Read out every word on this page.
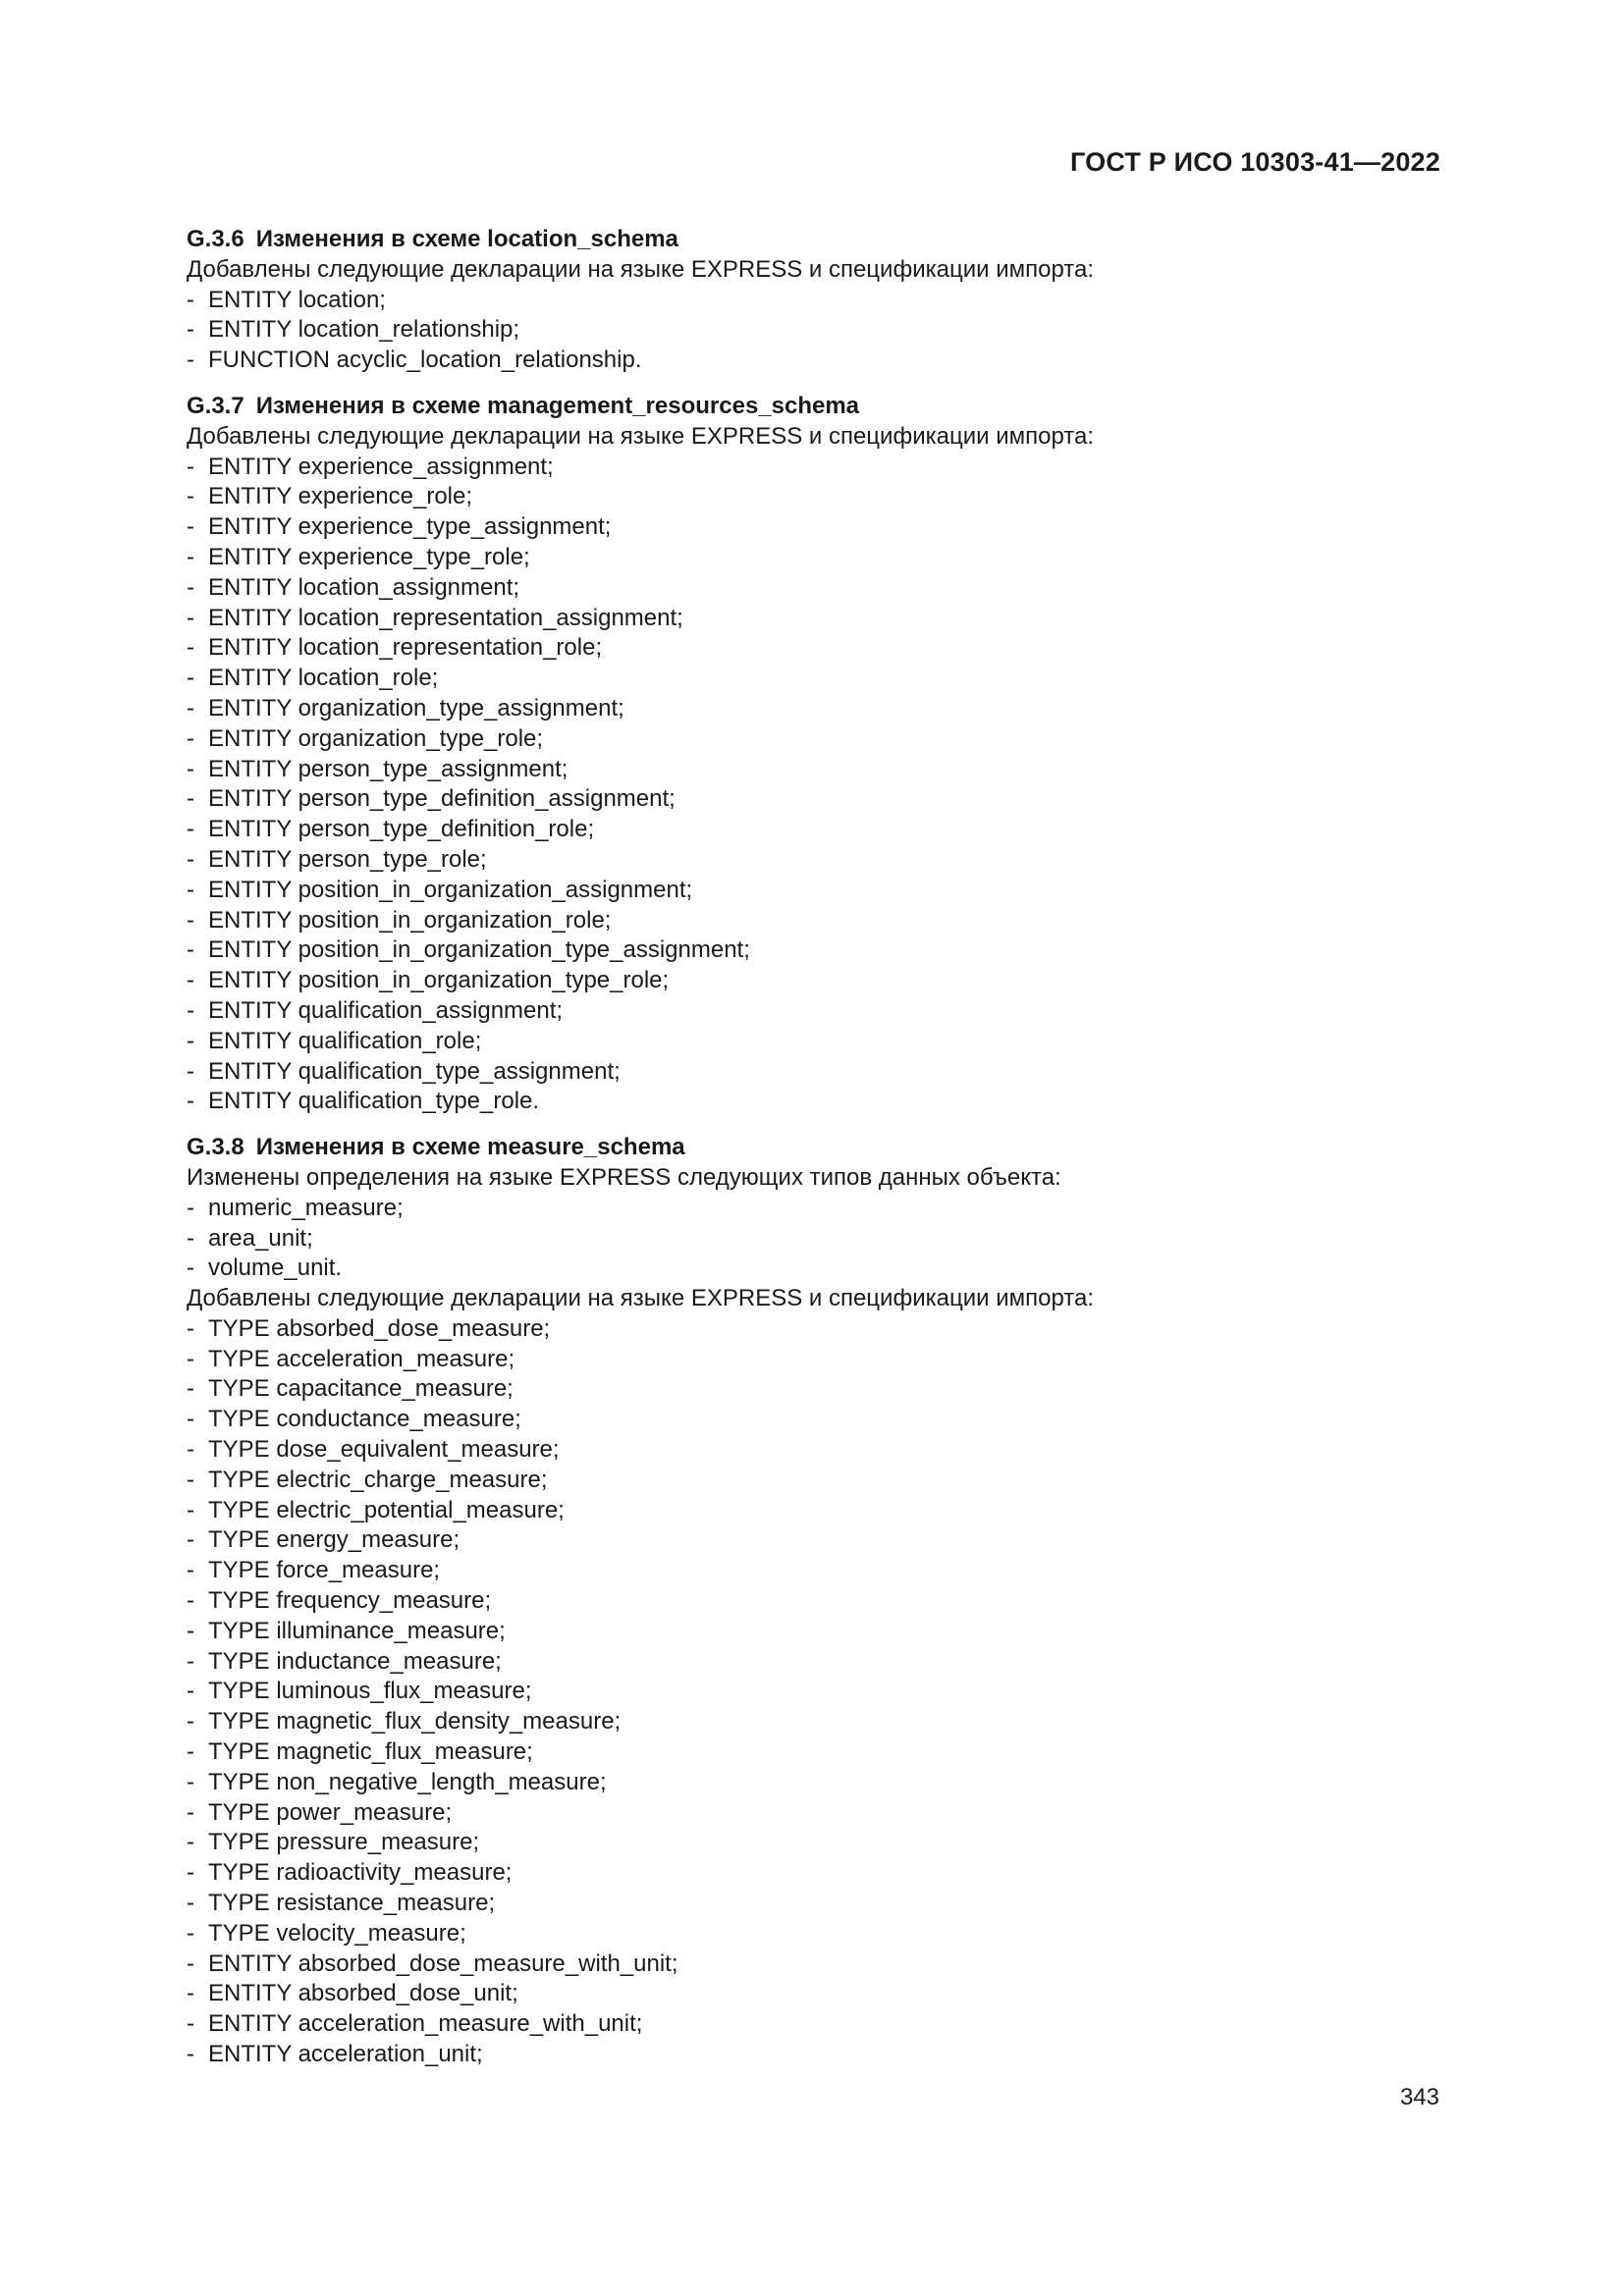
ГОСТ Р ИСО 10303-41—2022
G.3.6 Изменения в схеме location_schema

Добавлены следующие декларации на языке EXPRESS и спецификации импорта:

- ENTITY location;
- ENTITY location_relationship;
- FUNCTION acyclic_location_relationship.
G.3.7 Изменения в схеме management_resources_schema

Добавлены следующие декларации на языке EXPRESS и спецификации импорта:

- ENTITY experience_assignment;
- ENTITY experience_role;
- ENTITY experience_type_assignment;
- ENTITY experience_type_role;
- ENTITY location_assignment;
- ENTITY location_representation_assignment;
- ENTITY location_representation_role;
- ENTITY location_role;
- ENTITY organization_type_assignment;
- ENTITY organization_type_role;
- ENTITY person_type_assignment;
- ENTITY person_type_definition_assignment;
- ENTITY person_type_definition_role;
- ENTITY person_type_role;
- ENTITY position_in_organization_assignment;
- ENTITY position_in_organization_role;
- ENTITY position_in_organization_type_assignment;
- ENTITY position_in_organization_type_role;
- ENTITY qualification_assignment;
- ENTITY qualification_role;
- ENTITY qualification_type_assignment;
- ENTITY qualification_type_role.
G.3.8 Изменения в схеме measure_schema

Изменены определения на языке EXPRESS следующих типов данных объекта:

- numeric_measure;
- area_unit;
- volume_unit.

Добавлены следующие декларации на языке EXPRESS и спецификации импорта:

- TYPE absorbed_dose_measure;
- TYPE acceleration_measure;
- TYPE capacitance_measure;
- TYPE conductance_measure;
- TYPE dose_equivalent_measure;
- TYPE electric_charge_measure;
- TYPE electric_potential_measure;
- TYPE energy_measure;
- TYPE force_measure;
- TYPE frequency_measure;
- TYPE illuminance_measure;
- TYPE inductance_measure;
- TYPE luminous_flux_measure;
- TYPE magnetic_flux_density_measure;
- TYPE magnetic_flux_measure;
- TYPE non_negative_length_measure;
- TYPE power_measure;
- TYPE pressure_measure;
- TYPE radioactivity_measure;
- TYPE resistance_measure;
- TYPE velocity_measure;
- ENTITY absorbed_dose_measure_with_unit;
- ENTITY absorbed_dose_unit;
- ENTITY acceleration_measure_with_unit;
- ENTITY acceleration_unit;
343
